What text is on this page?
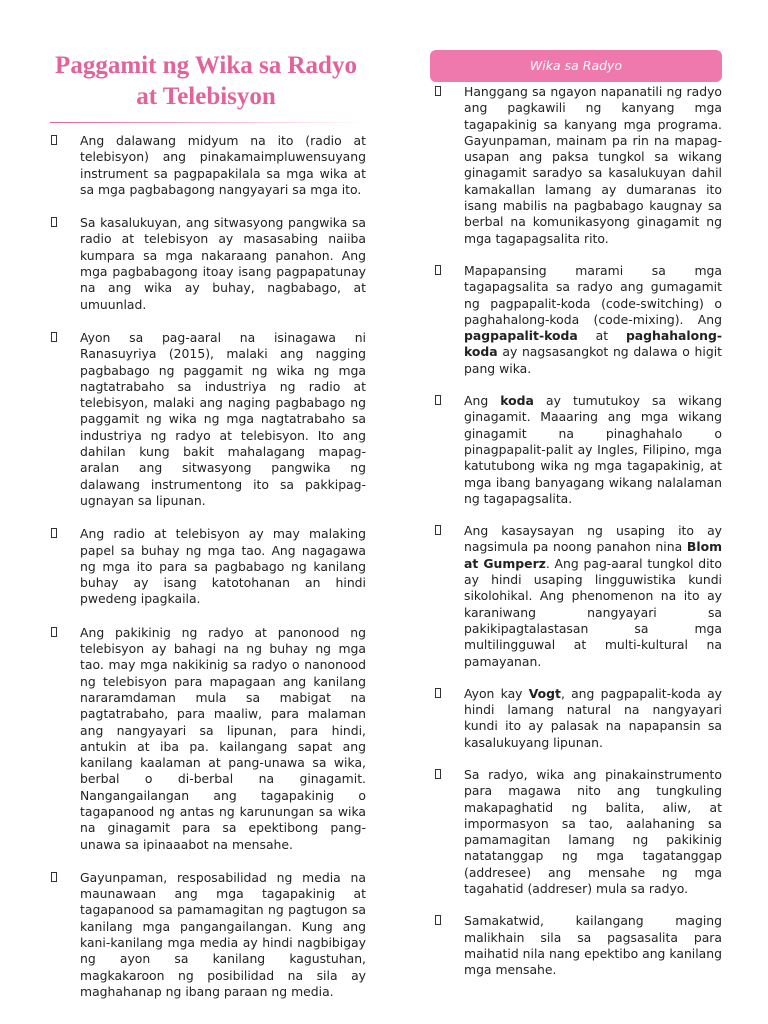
Paggamit ng Wika sa Radyo at Telebisyon

Ang dalawang midyum na ito (radio at telebisyon) ang pinakamaimpluwensuyang instrument sa pagpapakilala sa mga wika at sa mga pagbabagong nangyayari sa mga ito.

Sa kasalukuyan, ang sitwasyong pangwika sa radio at telebisyon ay masasabing naiiba kumpara sa mga nakaraang panahon. Ang mga pagbabagong itoay isang pagpapatunay na ang wika ay buhay, nagbabago, at umuunlad.

Ayon sa pag-aaral na isinagawa ni Ranasuyriya (2015), malaki ang nagging pagbabago ng paggamit ng wika ng mga nagtatrabaho sa industriya ng radio at telebisyon, malaki ang naging pagbabago ng paggamit ng wika ng mga nagtatrabaho sa industriya ng radyo at telebisyon. Ito ang dahilan kung bakit mahalagang mapag-aralan ang sitwasyong pangwika ng dalawang instrumentong ito sa pakkipag-ugnayan sa lipunan.

Ang radio at telebisyon ay may malaking papel sa buhay ng mga tao. Ang nagagawa ng mga ito para sa pagbabago ng kanilang buhay ay isang katotohanan an hindi pwedeng ipagkaila.

Ang pakikinig ng radyo at panonood ng telebisyon ay bahagi na ng buhay ng mga tao. may mga nakikinig sa radyo o nanonood ng telebisyon para mapagaan ang kanilang nararamdaman mula sa mabigat na pagtatrabaho, para maaliw, para malaman ang nangyayari sa lipunan, para hindi, antukin at iba pa. kailangang sapat ang kanilang kaalaman at pang-unawa sa wika, berbal o di-berbal na ginagamit. Nangangailangan ang tagapakinig o tagapanood ng antas ng karunungan sa wika na ginagamit para sa epektibong pang-unawa sa ipinaaabot na mensahe.

Gayunpaman, resposabilidad ng media na maunawaan ang mga tagapakinig at tagapanood sa pamamagitan ng pagtugon sa kanilang mga pangangailangan. Kung ang kani-kanilang mga media ay hindi nagbibigay ng ayon sa kanilang kagustuhan, magkakaroon ng posibilidad na sila ay maghahanap ng ibang paraan ng media.

Wika sa Radyo

Hanggang sa ngayon napanatili ng radyo ang pagkawili ng kanyang mga tagapakinig sa kanyang mga programa. Gayunpaman, mainam pa rin na mapag-usapan ang paksa tungkol sa wikang ginagamit saradyo sa kasalukuyan dahil kamakallan lamang ay dumaranas ito isang mabilis na pagbabago kaugnay sa berbal na komunikasyong ginagamit ng mga tagapagsalita rito.

Mapapansing marami sa mga tagapagsalita sa radyo ang gumagamit ng pagpapalit-koda (code-switching) o paghahalong-koda (code-mixing). Ang pagpapalit-koda at paghahalong-koda ay nagsasangkot ng dalawa o higit pang wika.

Ang koda ay tumutukoy sa wikang ginagamit. Maaaring ang mga wikang ginagamit na pinaghahalo o pinagpapalit-palit ay Ingles, Filipino, mga katutubong wika ng mga tagapakinig, at mga ibang banyagang wikang nalalaman ng tagapagsalita.

Ang kasaysayan ng usaping ito ay nagsimula pa noong panahon nina Blom at Gumperz. Ang pag-aaral tungkol dito ay hindi usaping lingguwistika kundi sikolohikal. Ang phenomenon na ito ay karaniwang nangyayari sa pakikipagtalastasan sa mga multilingguwal at multi-kultural na pamayanan.

Ayon kay Vogt, ang pagpapalit-koda ay hindi lamang natural na nangyayari kundi ito ay palasak na napapansin sa kasalukuyang lipunan.

Sa radyo, wika ang pinakainstrumento para magawa nito ang tungkuling makapaghatid ng balita, aliw, at impormasyon sa tao, aalahaning sa pamamagitan lamang ng pakikinig natatanggap ng mga tagatanggap (addresee) ang mensahe ng mga tagahatid (addreser) mula sa radyo.

Samakatwid, kailangang maging malikhain sila sa pagsasalita para maihatid nila nang epektibo ang kanilang mga mensahe.
